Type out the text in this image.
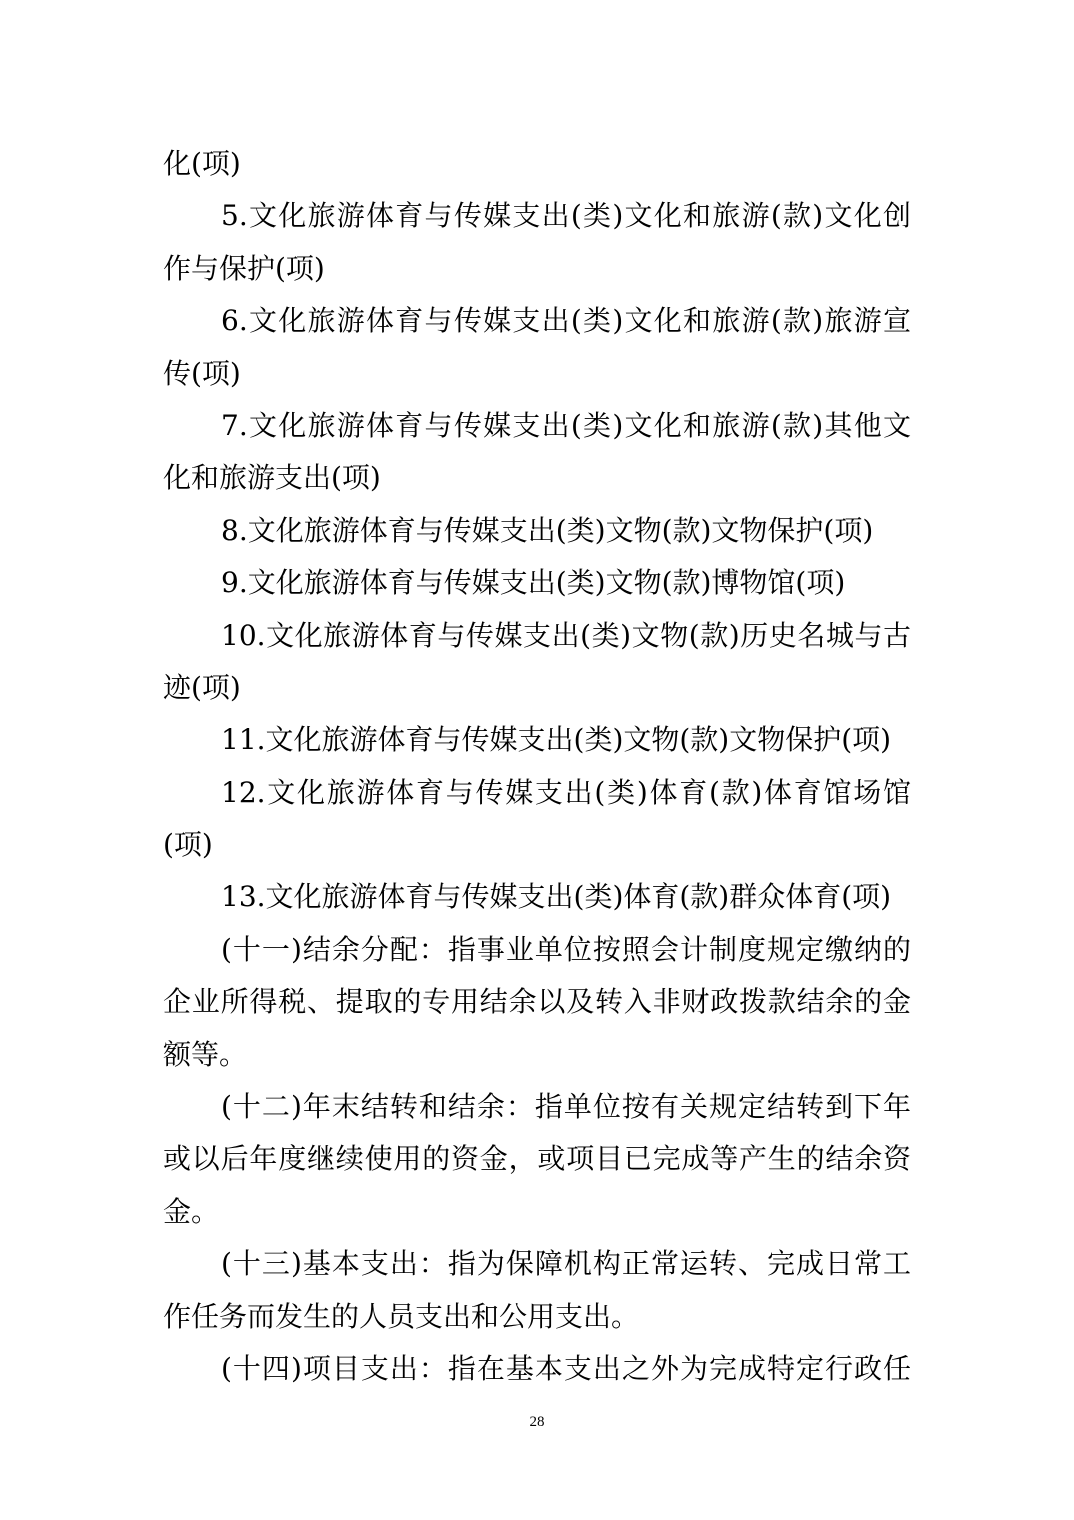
化(项)
5.文化旅游体育与传媒支出(类)文化和旅游(款)文化创
作与保护(项)
6.文化旅游体育与传媒支出(类)文化和旅游(款)旅游宣
传(项)
7.文化旅游体育与传媒支出(类)文化和旅游(款)其他文
化和旅游支出(项)
8.文化旅游体育与传媒支出(类)文物(款)文物保护(项)
9.文化旅游体育与传媒支出(类)文物(款)博物馆(项)
10.文化旅游体育与传媒支出(类)文物(款)历史名城与古
迹(项)
11.文化旅游体育与传媒支出(类)文物(款)文物保护(项)
12.文化旅游体育与传媒支出(类)体育(款)体育馆场馆
(项)
13.文化旅游体育与传媒支出(类)体育(款)群众体育(项)
(十一)结余分配：指事业单位按照会计制度规定缴纳的
企业所得税、提取的专用结余以及转入非财政拨款结余的金
额等。
(十二)年末结转和结余：指单位按有关规定结转到下年
或以后年度继续使用的资金，或项目已完成等产生的结余资
金。
(十三)基本支出：指为保障机构正常运转、完成日常工
作任务而发生的人员支出和公用支出。
(十四)项目支出：指在基本支出之外为完成特定行政任
28
